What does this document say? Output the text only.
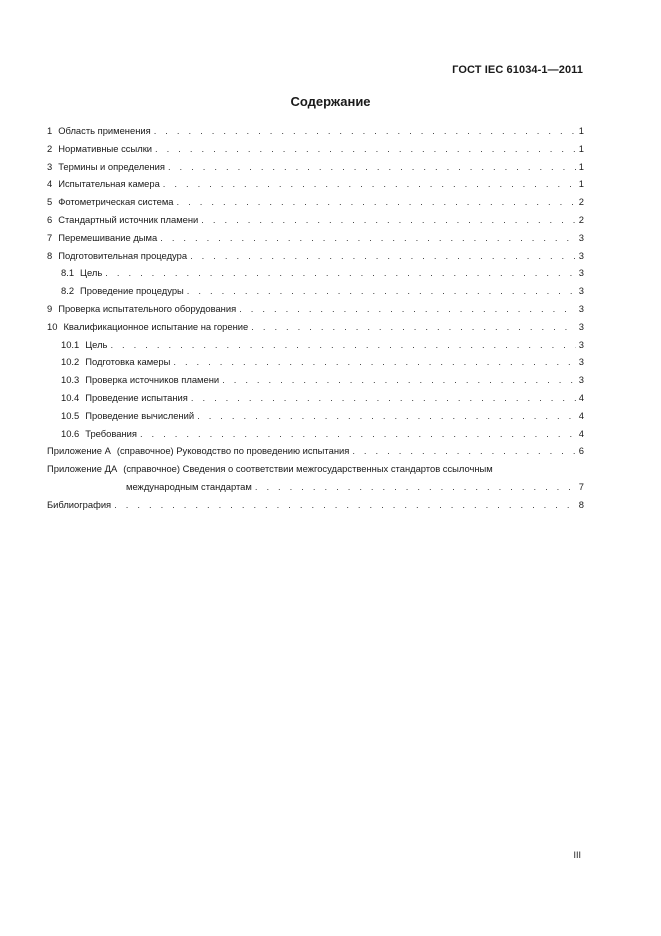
ГОСТ IEC 61034-1—2011
Содержание
1 Область применения . . .	1
2 Нормативные ссылки . . .	1
3 Термины и определения . . .	1
4 Испытательная камера . . .	1
5 Фотометрическая система . . .	2
6 Стандартный источник пламени . . .	2
7 Перемешивание дыма . . .	3
8 Подготовительная процедура . . .	3
8.1 Цель . . .	3
8.2 Проведение процедуры . . .	3
9 Проверка испытательного оборудования . . .	3
10 Квалификационное испытание на горение . . .	3
10.1 Цель . . .	3
10.2 Подготовка камеры . . .	3
10.3 Проверка источников пламени . . .	3
10.4 Проведение испытания . . .	4
10.5 Проведение вычислений . . .	4
10.6 Требования . . .	4
Приложение А (справочное) Руководство по проведению испытания . . .	6
Приложение ДА (справочное) Сведения о соответствии межгосударственных стандартов ссылочным
международным стандартам . . .	7
Библиография . . .	8
III
